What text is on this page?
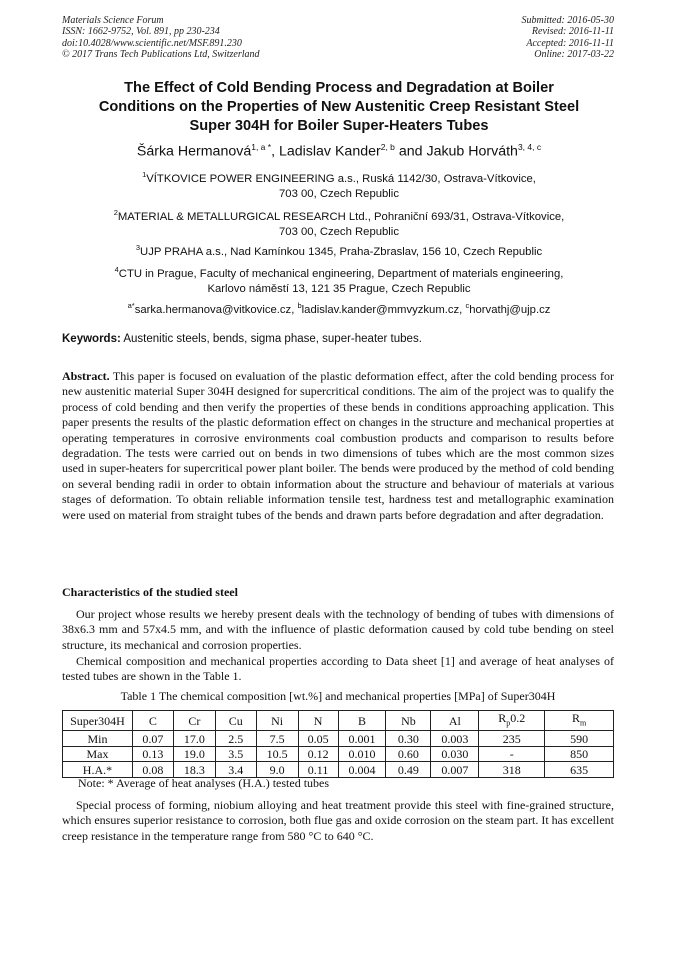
Materials Science Forum
ISSN: 1662-9752, Vol. 891, pp 230-234
doi:10.4028/www.scientific.net/MSF.891.230
© 2017 Trans Tech Publications Ltd, Switzerland
Submitted: 2016-05-30
Revised: 2016-11-11
Accepted: 2016-11-11
Online: 2017-03-22
The Effect of Cold Bending Process and Degradation at Boiler
Conditions on the Properties of New Austenitic Creep Resistant Steel
Super 304H for Boiler Super-Heaters Tubes
Šárka Hermanová$^{1, a *}$, Ladislav Kander$^{2, b}$ and Jakub Horváth$^{3, 4, c}$
$^1$VÍTKOVICE POWER ENGINEERING a.s., Ruská 1142/30, Ostrava-Vítkovice,
703 00, Czech Republic
$^2$MATERIAL & METALLURGICAL RESEARCH Ltd., Pohraniční 693/31, Ostrava-Vítkovice,
703 00, Czech Republic
$^3$UJP PRAHA a.s., Nad Kamínkou 1345, Praha-Zbraslav, 156 10, Czech Republic
$^4$CTU in Prague, Faculty of mechanical engineering, Department of materials engineering,
Karlovo náměstí 13, 121 35 Prague, Czech Republic
$^{a*}$sarka.hermanova@vitkovice.cz, $^b$ladislav.kander@mmvyzkum.cz, $^c$horvathj@ujp.cz
Keywords: Austenitic steels, bends, sigma phase, super-heater tubes.
Abstract. This paper is focused on evaluation of the plastic deformation effect, after the cold bending process for new austenitic material Super 304H designed for supercritical conditions. The aim of the project was to qualify the process of cold bending and then verify the properties of these bends in conditions approaching application. This paper presents the results of the plastic deformation effect on changes in the structure and mechanical properties at operating temperatures in corrosive environments coal combustion products and comparison to results before degradation. The tests were carried out on bends in two dimensions of tubes which are the most common sizes used in super-heaters for supercritical power plant boiler. The bends were produced by the method of cold bending on several bending radii in order to obtain information about the structure and behaviour of materials at various stages of deformation. To obtain reliable information tensile test, hardness test and metallographic examination were used on material from straight tubes of the bends and drawn parts before degradation and after degradation.
Characteristics of the studied steel
Our project whose results we hereby present deals with the technology of bending of tubes with dimensions of 38x6.3 mm and 57x4.5 mm, and with the influence of plastic deformation caused by cold tube bending on steel structure, its mechanical and corrosion properties.
Chemical composition and mechanical properties according to Data sheet [1] and average of heat analyses of tested tubes are shown in the Table 1.
Table 1 The chemical composition [wt.%] and mechanical properties [MPa] of Super304H
Super304H	C	Cr	Cu	Ni	N	B	Nb	Al	$R_p0.2$	$R_m$
Min	0.07	17.0	2.5	7.5	0.05	0.001	0.30	0.003	235	590
Max	0.13	19.0	3.5	10.5	0.12	0.010	0.60	0.030	-	850
H.A.*	0.08	18.3	3.4	9.0	0.11	0.004	0.49	0.007	318	635
Note: * Average of heat analyses (H.A.) tested tubes
Special process of forming, niobium alloying and heat treatment provide this steel with fine-grained structure, which ensures superior resistance to corrosion, both flue gas and oxide corrosion on the steam part. It has excellent creep resistance in the temperature range from 580 °C to 640 °C.
